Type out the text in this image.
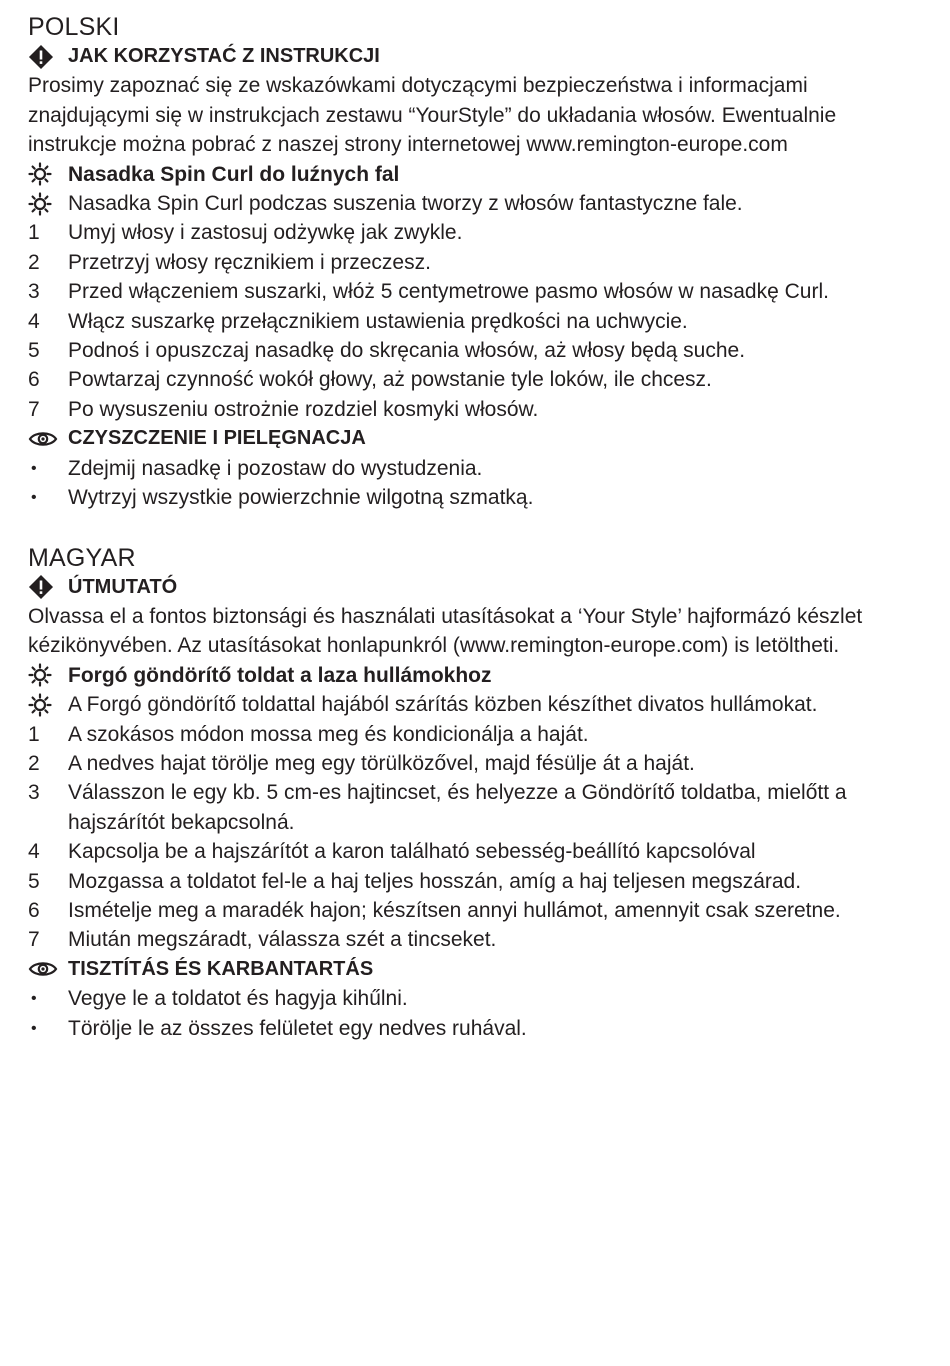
POLSKI
JAK KORZYSTAĆ Z INSTRUKCJI

Prosimy zapoznać się ze wskazówkami dotyczącymi bezpieczeństwa i informacjami znajdującymi się w instrukcjach zestawu “YourStyle” do układania włosów. Ewentualnie instrukcje można pobrać z naszej strony internetowej www.remington-europe.com

Nasadka Spin Curl do luźnych fal
Nasadka Spin Curl podczas suszenia tworzy z włosów fantastyczne fale.
1	Umyj włosy i zastosuj odżywkę jak zwykle.
2	Przetrzyj włosy ręcznikiem i przeczesz.
3	Przed włączeniem suszarki, włóż 5 centymetrowe pasmo włosów w nasadkę Curl.
4	Włącz suszarkę przełącznikiem ustawienia prędkości na uchwycie.
5	Podnoś i opuszczaj nasadkę do skręcania włosów, aż włosy będą suche.
6	Powtarzaj czynność wokół głowy, aż powstanie tyle loków, ile chcesz.
7	Po wysuszeniu ostrożnie rozdziel kosmyki włosów.
CZYSZCZENIE I PIELĘGNACJA
•	Zdejmij nasadkę i pozostaw do wystudzenia.
•	Wytrzyj wszystkie powierzchnie wilgotną szmatką.
MAGYAR
ÚTMUTATÓ

Olvassa el a fontos biztonsági és használati utasításokat a ‘Your Style’ hajformázó készlet kézikönyvében. Az utasításokat honlapunkról (www.remington-europe.com) is letöltheti.

Forgó göndörítő toldat a laza hullámokhoz
A Forgó göndörítő toldattal hajából szárítás közben készíthet divatos hullámokat.
1	A szokásos módon mossa meg és kondicionálja a haját.
2	A nedves hajat törölje meg egy törülközővel, majd fésülje át a haját.
3	Válasszon le egy kb. 5 cm-es hajtincset, és helyezze a Göndörítő toldatba, mielőtt a hajszárítót bekapcsolná.
4	Kapcsolja be a hajszárítót a karon található sebesség-beállító kapcsolóval
5	Mozgassa a toldatot fel-le a haj teljes hosszán, amíg a haj teljesen megszárad.
6	Ismételje meg a maradék hajon; készítsen annyi hullámot, amennyit csak szeretne.
7	Miután megszáradt, válassza szét a tincseket.
TISZTÍTÁS ÉS KARBANTARTÁS
•	Vegye le a toldatot és hagyja kihűlni.
•	Törölje le az összes felületet egy nedves ruhával.
